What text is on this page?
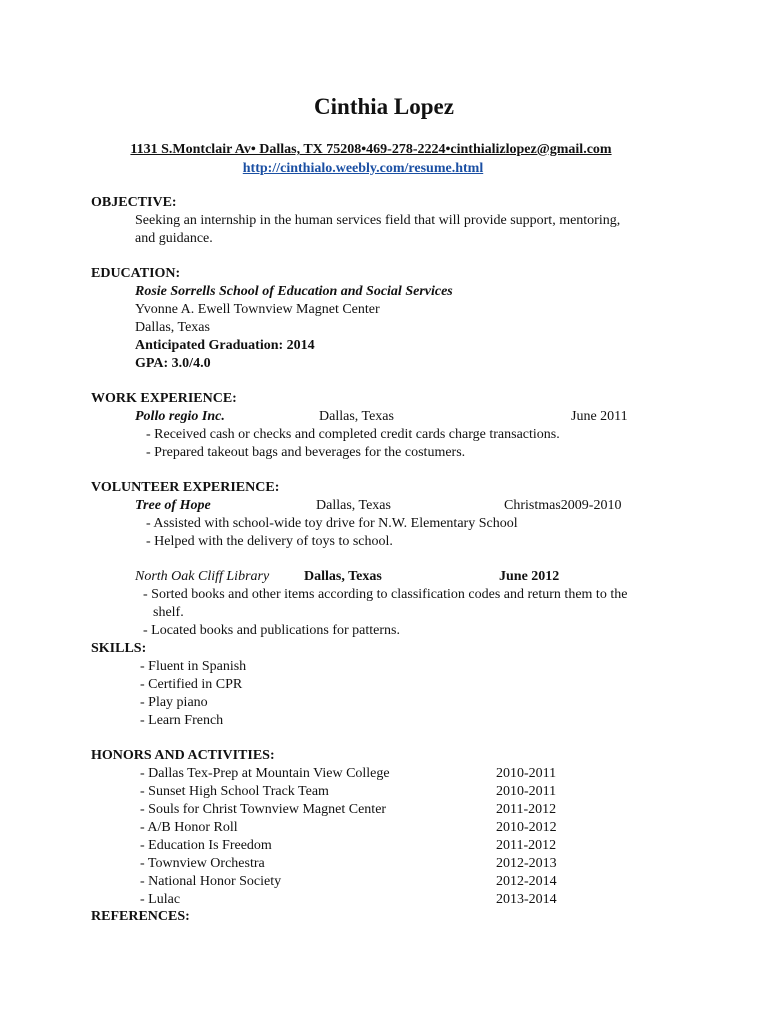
Cinthia Lopez
1131 S.Montclair Av• Dallas, TX 75208•469-278-2224•cinthializlopez@gmail.com
http://cinthialo.weebly.com/resume.html
OBJECTIVE:
Seeking an internship in the human services field that will provide support, mentoring,
and guidance.
EDUCATION:
Rosie Sorrells School of Education and Social Services
Yvonne A. Ewell Townview Magnet Center
Dallas, Texas
Anticipated Graduation: 2014
GPA: 3.0/4.0
WORK EXPERIENCE:
Pollo regio Inc.	Dallas, Texas	June 2011
- Received cash or checks and completed credit cards charge transactions.
- Prepared takeout bags and beverages for the costumers.
VOLUNTEER EXPERIENCE:
Tree of Hope	Dallas, Texas	Christmas2009-2010
- Assisted with school-wide toy drive for N.W. Elementary School
- Helped with the delivery of toys to school.
North Oak Cliff Library Dallas, Texas	June 2012
- Sorted books and other items according to classification codes and return them to the
shelf.
- Located books and publications for patterns.
SKILLS:
- Fluent in Spanish
- Certified in CPR
- Play piano
- Learn French
HONORS AND ACTIVITIES:
- Dallas Tex-Prep at Mountain View College	2010-2011
- Sunset High School Track Team	2010-2011
- Souls for Christ Townview Magnet Center	2011-2012
- A/B Honor Roll	2010-2012
- Education Is Freedom	2011-2012
- Townview Orchestra	2012-2013
- National Honor Society	2012-2014
- Lulac	2013-2014
REFERENCES:
